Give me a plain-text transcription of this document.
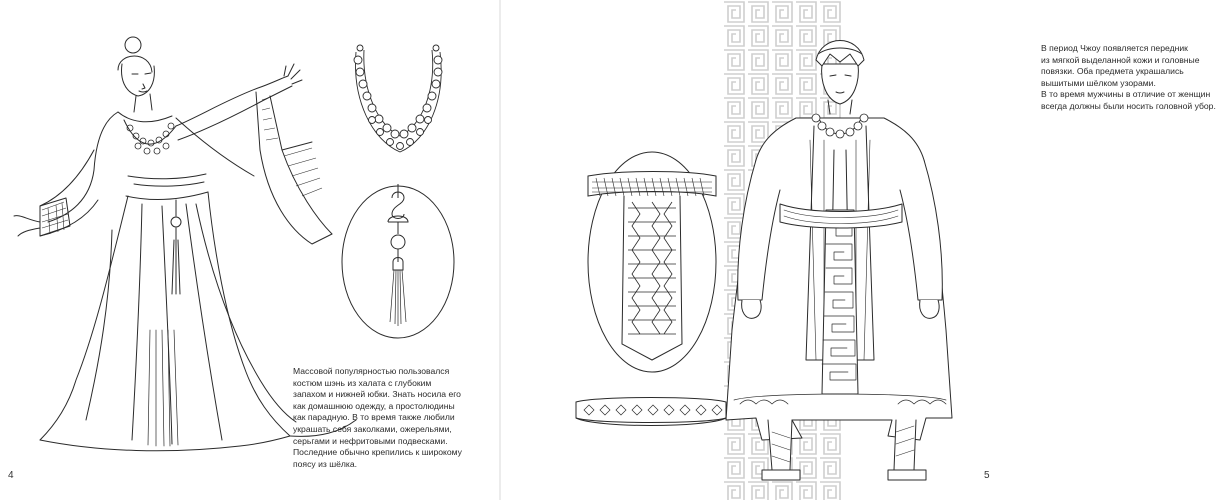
Массовой популярностью пользовался

костюм шэнь из халата с глубоким

запахом и нижней юбки. Знать носила его

как домашнюю одежду, а простолюдины

как парадную. В то время также любили

украшать себя заколками, ожерельями,

серьгами и нефритовыми подвесками.

Последние обычно крепились к широкому

поясу из шёлка.

4

В период Чжоу появляется передник

из мягкой выделанной кожи и головные

повязки. Оба предмета украшались

вышитыми шёлком узорами.

В то время мужчины в отличие от женщин

всегда должны были носить головной убор.

5
